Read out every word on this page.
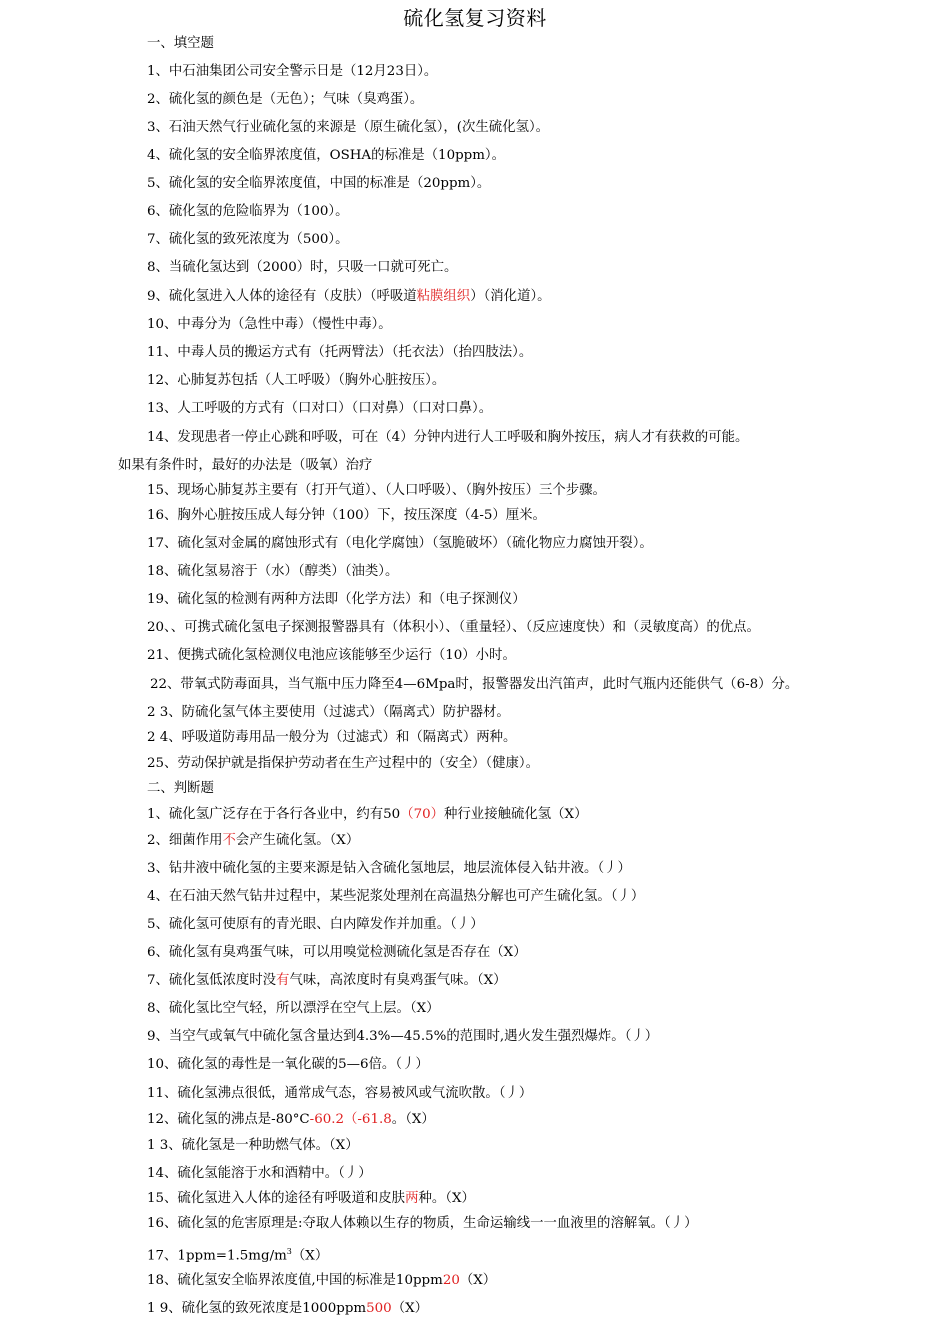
硫化氢复习资料
一、填空题
1、中石油集团公司安全警示日是（12月23日）。
2、硫化氢的颜色是（无色）；气味（臭鸡蛋）。
3、石油天然气行业硫化氢的来源是（原生硫化氢），(次生硫化氢）。
4、硫化氢的安全临界浓度值，OSHA的标准是（10ppm）。
5、硫化氢的安全临界浓度值，中国的标准是（20ppm）。
6、硫化氢的危险临界为（100）。
7、硫化氢的致死浓度为（500）。
8、当硫化氢达到（2000）时，只吸一口就可死亡。
9、硫化氢进入人体的途径有（皮肤）（呼吸道粘膜组织）（消化道）。
10、中毒分为（急性中毒）（慢性中毒）。
11、中毒人员的搬运方式有（托两臂法）（托衣法）（抬四肢法）。
12、心肺复苏包括（人工呼吸）（胸外心脏按压）。
13、人工呼吸的方式有（口对口）（口对鼻）（口对口鼻）。
14、发现患者一停止心跳和呼吸，可在（4）分钟内进行人工呼吸和胸外按压，病人才有获救的可能。
如果有条件时，最好的办法是（吸氧）治疗
15、现场心肺复苏主要有（打开气道）、（人口呼吸）、（胸外按压）三个步骤。
16、胸外心脏按压成人每分钟（100）下，按压深度（4-5）厘米。
17、硫化氢对金属的腐蚀形式有（电化学腐蚀）（氢脆破坏）（硫化物应力腐蚀开裂）。
18、硫化氢易溶于（水）（醇类）（油类）。
19、硫化氢的检测有两种方法即（化学方法）和（电子探测仪）
20、、可携式硫化氢电子探测报警器具有（体积小）、（重量轻）、（反应速度快）和（灵敏度高）的优点。
21、便携式硫化氢检测仪电池应该能够至少运行（10）小时。
22、带氧式防毒面具，当气瓶中压力降至4—6Mpa时，报警器发出汽笛声，此时气瓶内还能供气（6-8）分。
2 3、防硫化氢气体主要使用（过滤式）（隔离式）防护器材。
2 4、呼吸道防毒用品一般分为（过滤式）和（隔离式）两种。
25、劳动保护就是指保护劳动者在生产过程中的（安全）（健康）。
二、判断题
1、硫化氢广泛存在于各行各业中，约有50（70）种行业接触硫化氢（X）
2、细菌作用不会产生硫化氢。（X）
3、钻井液中硫化氢的主要来源是钻入含硫化氢地层，地层流体侵入钻井液。（丿）
4、在石油天然气钻井过程中，某些泥浆处理剂在高温热分解也可产生硫化氢。（丿）
5、硫化氢可使原有的青光眼、白内障发作并加重。（丿）
6、硫化氢有臭鸡蛋气味，可以用嗅觉检测硫化氢是否存在（X）
7、硫化氢低浓度时没有气味，高浓度时有臭鸡蛋气味。（X）
8、硫化氢比空气轻，所以漂浮在空气上层。（X）
9、当空气或氧气中硫化氢含量达到4.3%—45.5%的范围时,遇火发生强烈爆炸。（丿）
10、硫化氢的毒性是一氧化碳的5—6倍。（丿）
11、硫化氢沸点很低，通常成气态，容易被风或气流吹散。（丿）
12、硫化氢的沸点是-80°C-60.2（-61.8。（X）
1 3、硫化氢是一种助燃气体。（X）
14、硫化氢能溶于水和酒精中。（丿）
15、硫化氢进入人体的途径有呼吸道和皮肤两种。（X）
16、硫化氢的危害原理是:夺取人体赖以生存的物质，生命运输线一一血液里的溶解氧。（丿）
17、$1ppm=1.5mg/m^3(X)$
18、硫化氢安全临界浓度值,中国的标准是10ppm20（X）
1 9、硫化氢的致死浓度是1000ppm500（X）
